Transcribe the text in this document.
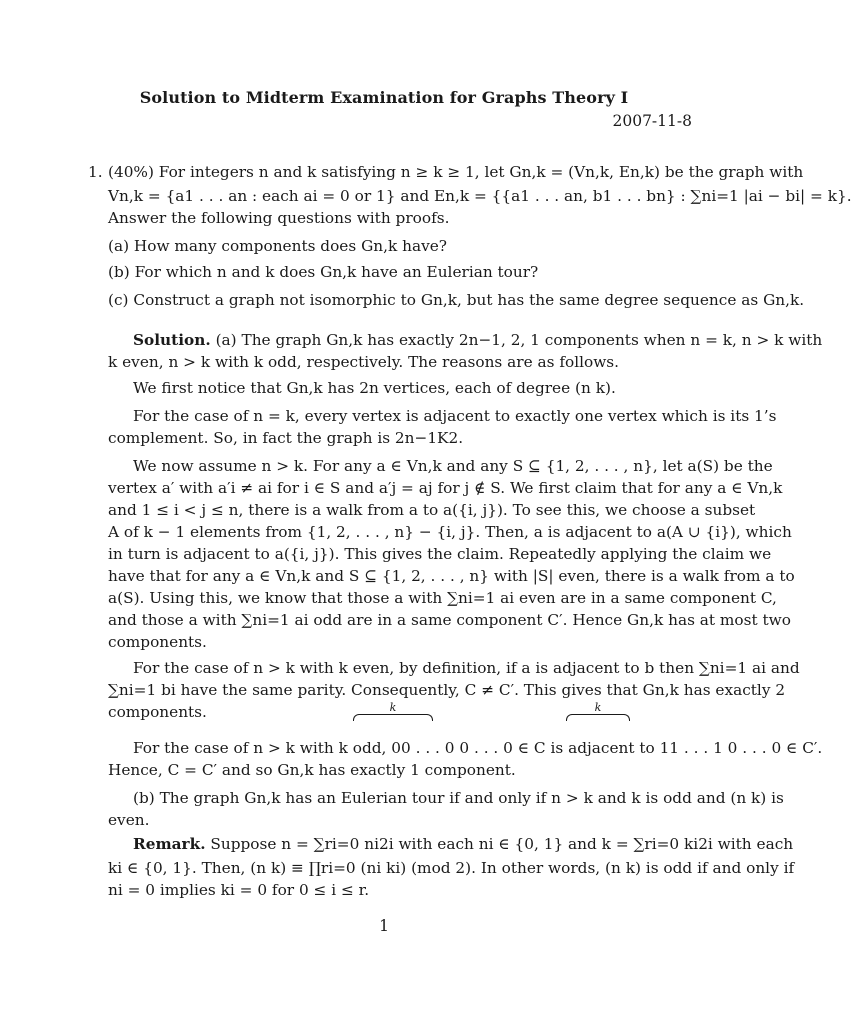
Solution to Midterm Examination for Graphs Theory I
2007-11-8
1. (40%) For integers n and k satisfying n ≥ k ≥ 1, let Gn,k = (Vn,k, En,k) be the graph with
Vn,k = {a1 . . . an : each ai = 0 or 1} and En,k = {{a1 . . . an, b1 . . . bn} : ∑ni=1 |ai − bi| = k}.
Answer the following questions with proofs.
(a) How many components does Gn,k have?
(b) For which n and k does Gn,k have an Eulerian tour?
(c) Construct a graph not isomorphic to Gn,k, but has the same degree sequence as Gn,k.
Solution. (a) The graph Gn,k has exactly 2n−1, 2, 1 components when n = k, n > k with
k even, n > k with k odd, respectively. The reasons are as follows.
We first notice that Gn,k has 2n vertices, each of degree (n k).
For the case of n = k, every vertex is adjacent to exactly one vertex which is its 1’s
complement. So, in fact the graph is 2n−1K2.
We now assume n > k. For any a ∈ Vn,k and any S ⊆ {1, 2, . . . , n}, let a(S) be the
vertex a′ with a′i ≠ ai for i ∈ S and a′j = aj for j ∉ S. We first claim that for any a ∈ Vn,k
and 1 ≤ i < j ≤ n, there is a walk from a to a({i, j}). To see this, we choose a subset
A of k − 1 elements from {1, 2, . . . , n} − {i, j}. Then, a is adjacent to a(A ∪ {i}), which
in turn is adjacent to a({i, j}). This gives the claim. Repeatedly applying the claim we
have that for any a ∈ Vn,k and S ⊆ {1, 2, . . . , n} with |S| even, there is a walk from a to
a(S). Using this, we know that those a with ∑ni=1 ai even are in a same component C,
and those a with ∑ni=1 ai odd are in a same component C′. Hence Gn,k has at most two
components.
For the case of n > k with k even, by definition, if a is adjacent to b then ∑ni=1 ai and
∑ni=1 bi have the same parity. Consequently, C ≠ C′. This gives that Gn,k has exactly 2
components.	k	k
For the case of n > k with k odd, 00 . . . 0 0 . . . 0 ∈ C is adjacent to 11 . . . 1 0 . . . 0 ∈ C′.
Hence, C = C′ and so Gn,k has exactly 1 component.
(b) The graph Gn,k has an Eulerian tour if and only if n > k and k is odd and (n k) is
even.
Remark. Suppose n = ∑ri=0 ni2i with each ni ∈ {0, 1} and k = ∑ri=0 ki2i with each
ki ∈ {0, 1}. Then, (n k) ≡ ∏ri=0 (ni ki) (mod 2). In other words, (n k) is odd if and only if
ni = 0 implies ki = 0 for 0 ≤ i ≤ r.
1
